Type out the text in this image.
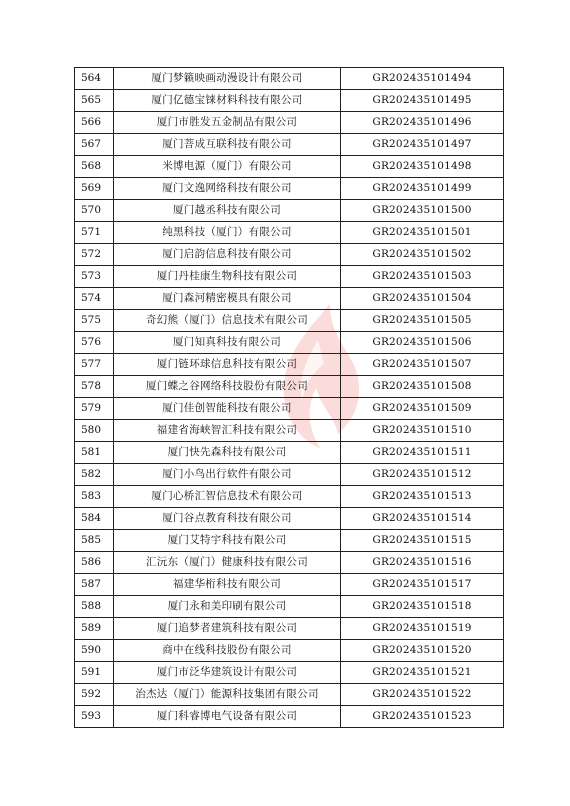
564	厦门梦籁映画动漫设计有限公司	GR202435101494
565	厦门亿德宝铼材料科技有限公司	GR202435101495
566	厦门市胜发五金制品有限公司	GR202435101496
567	厦门菩成互联科技有限公司	GR202435101497
568	米博电源（厦门）有限公司	GR202435101498
569	厦门文逸网络科技有限公司	GR202435101499
570	厦门越丞科技有限公司	GR202435101500
571	纯黑科技（厦门）有限公司	GR202435101501
572	厦门启韵信息科技有限公司	GR202435101502
573	厦门丹桂康生物科技有限公司	GR202435101503
574	厦门森河精密模具有限公司	GR202435101504
575	奇幻熊（厦门）信息技术有限公司	GR202435101505
576	厦门知真科技有限公司	GR202435101506
577	厦门链环球信息科技有限公司	GR202435101507
578	厦门蝶之谷网络科技股份有限公司	GR202435101508
579	厦门佳创智能科技有限公司	GR202435101509
580	福建省海峡智汇科技有限公司	GR202435101510
581	厦门快先森科技有限公司	GR202435101511
582	厦门小鸟出行软件有限公司	GR202435101512
583	厦门心桥汇智信息技术有限公司	GR202435101513
584	厦门谷点教育科技有限公司	GR202435101514
585	厦门艾特宇科技有限公司	GR202435101515
586	汇沅东（厦门）健康科技有限公司	GR202435101516
587	福建华桁科技有限公司	GR202435101517
588	厦门永和美印刷有限公司	GR202435101518
589	厦门追梦者建筑科技有限公司	GR202435101519
590	商中在线科技股份有限公司	GR202435101520
591	厦门市泛华建筑设计有限公司	GR202435101521
592	治杰达（厦门）能源科技集团有限公司	GR202435101522
593	厦门科睿博电气设备有限公司	GR202435101523
